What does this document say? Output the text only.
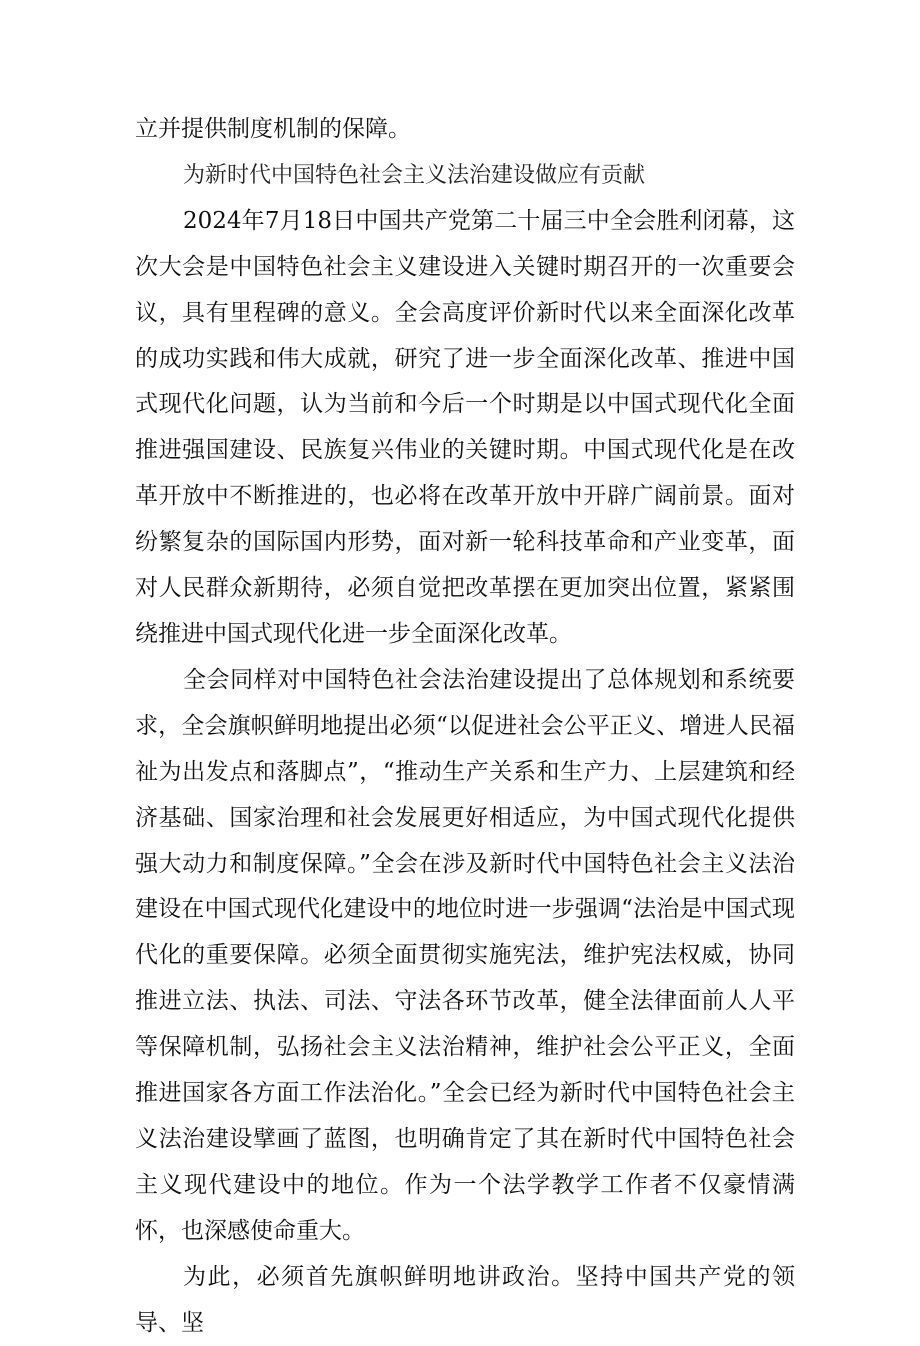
立并提供制度机制的保障。

为新时代中国特色社会主义法治建设做应有贡献

2024年7月18日中国共产党第二十届三中全会胜利闭幕，这次大会是中国特色社会主义建设进入关键时期召开的一次重要会议，具有里程碑的意义。全会高度评价新时代以来全面深化改革的成功实践和伟大成就，研究了进一步全面深化改革、推进中国式现代化问题，认为当前和今后一个时期是以中国式现代化全面推进强国建设、民族复兴伟业的关键时期。中国式现代化是在改革开放中不断推进的，也必将在改革开放中开辟广阔前景。面对纷繁复杂的国际国内形势，面对新一轮科技革命和产业变革，面对人民群众新期待，必须自觉把改革摆在更加突出位置，紧紧围绕推进中国式现代化进一步全面深化改革。

全会同样对中国特色社会法治建设提出了总体规划和系统要求，全会旗帜鲜明地提出必须“以促进社会公平正义、增进人民福祉为出发点和落脚点”，“推动生产关系和生产力、上层建筑和经济基础、国家治理和社会发展更好相适应，为中国式现代化提供强大动力和制度保障。”全会在涉及新时代中国特色社会主义法治建设在中国式现代化建设中的地位时进一步强调“法治是中国式现代化的重要保障。必须全面贯彻实施宪法，维护宪法权威，协同推进立法、执法、司法、守法各环节改革，健全法律面前人人平等保障机制，弘扬社会主义法治精神，维护社会公平正义，全面推进国家各方面工作法治化。”全会已经为新时代中国特色社会主义法治建设擘画了蓝图，也明确肯定了其在新时代中国特色社会主义现代建设中的地位。作为一个法学教学工作者不仅豪情满怀，也深感使命重大。

为此，必须首先旗帜鲜明地讲政治。坚持中国共产党的领导、坚
